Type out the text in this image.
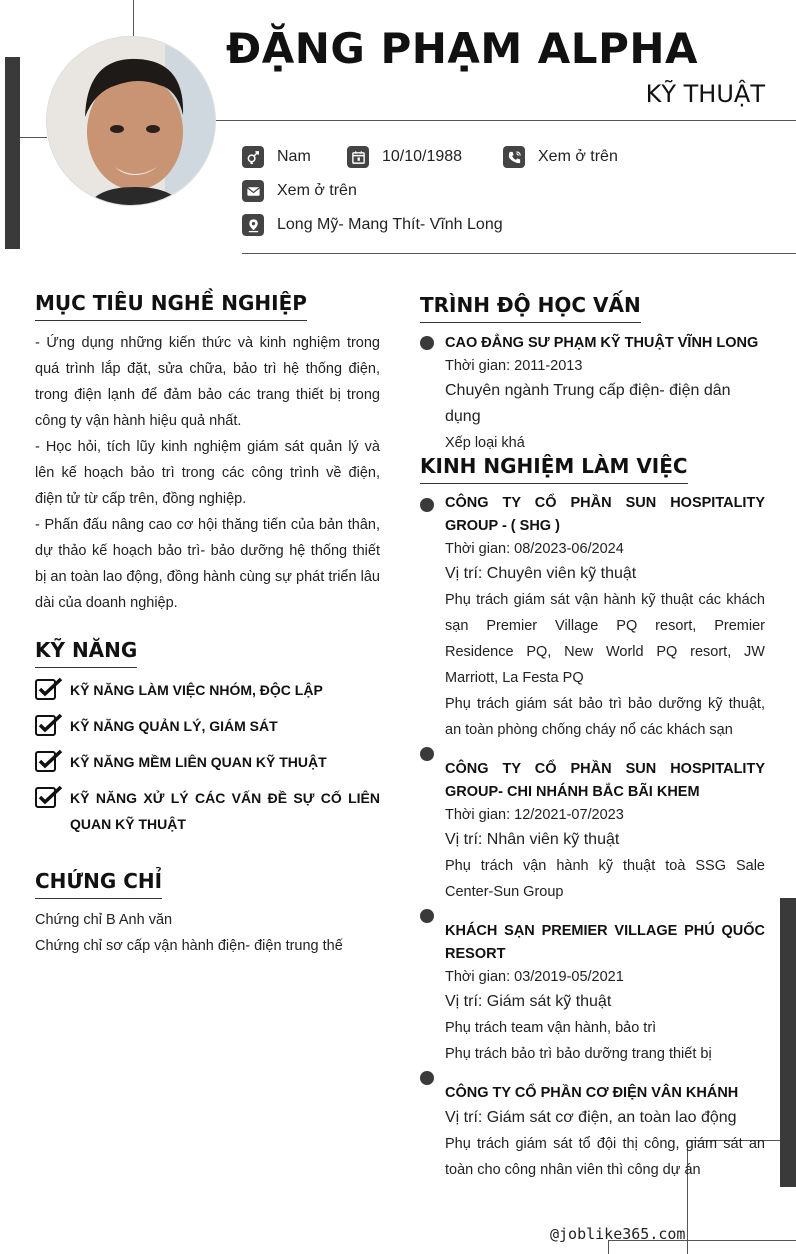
ĐẶNG PHẠM ALPHA
KỸ THUẬT
Nam	10/10/1988	Xem ở trên
Xem ở trên
Long Mỹ- Mang Thít- Vĩnh Long
MỤC TIÊU NGHỀ NGHIỆP

- Ứng dụng những kiến thức và kinh nghiệm trong quá trình lắp đặt, sửa chữa, bảo trì hệ thống điện, trong điện lạnh để đảm bảo các trang thiết bị trong công ty vận hành hiệu quả nhất.

- Học hỏi, tích lũy kinh nghiệm giám sát quản lý và lên kế hoạch bảo trì trong các công trình về điện, điện tử từ cấp trên, đồng nghiệp.

- Phấn đấu nâng cao cơ hội thăng tiến của bản thân, dự thảo kế hoạch bảo trì- bảo dưỡng hệ thống thiết bị an toàn lao động, đồng hành cùng sự phát triển lâu dài của doanh nghiệp.

KỸ NĂNG
KỸ NĂNG LÀM VIỆC NHÓM, ĐỘC LẬP
KỸ NĂNG QUẢN LÝ, GIÁM SÁT
KỸ NĂNG MỀM LIÊN QUAN KỸ THUẬT
KỸ NĂNG XỬ LÝ CÁC VẤN ĐỀ SỰ CỐ LIÊN QUAN KỸ THUẬT
CHỨNG CHỈ
Chứng chỉ B Anh văn
Chứng chỉ sơ cấp vận hành điện- điện trung thế
TRÌNH ĐỘ HỌC VẤN
CAO ĐẲNG SƯ PHẠM KỸ THUẬT VĨNH LONG
Thời gian: 2011-2013
Chuyên ngành Trung cấp điện- điện dân dụng
Xếp loại khá
KINH NGHIỆM LÀM VIỆC
CÔNG TY CỔ PHẦN SUN HOSPITALITY GROUP - ( SHG )
Thời gian: 08/2023-06/2024
Vị trí: Chuyên viên kỹ thuật
Phụ trách giám sát vận hành kỹ thuật các khách sạn Premier Village PQ resort, Premier Residence PQ, New World PQ resort, JW Marriott, La Festa PQ
Phụ trách giám sát bảo trì bảo dưỡng kỹ thuật, an toàn phòng chống cháy nổ các khách sạn
CÔNG TY CỔ PHẦN SUN HOSPITALITY GROUP- CHI NHÁNH BẮC BÃI KHEM
Thời gian: 12/2021-07/2023
Vị trí: Nhân viên kỹ thuật
Phụ trách vận hành kỹ thuật toà SSG Sale Center-Sun Group
KHÁCH SẠN PREMIER VILLAGE PHÚ QUỐC RESORT
Thời gian: 03/2019-05/2021
Vị trí: Giám sát kỹ thuật
Phụ trách team vận hành, bảo trì
Phụ trách bảo trì bảo dưỡng trang thiết bị
CÔNG TY CỔ PHẦN CƠ ĐIỆN VÂN KHÁNH
Vị trí: Giám sát cơ điện, an toàn lao động
Phụ trách giám sát tổ đội thị công, giám sát an toàn cho công nhân viên thì công dự án
@joblike365.com
